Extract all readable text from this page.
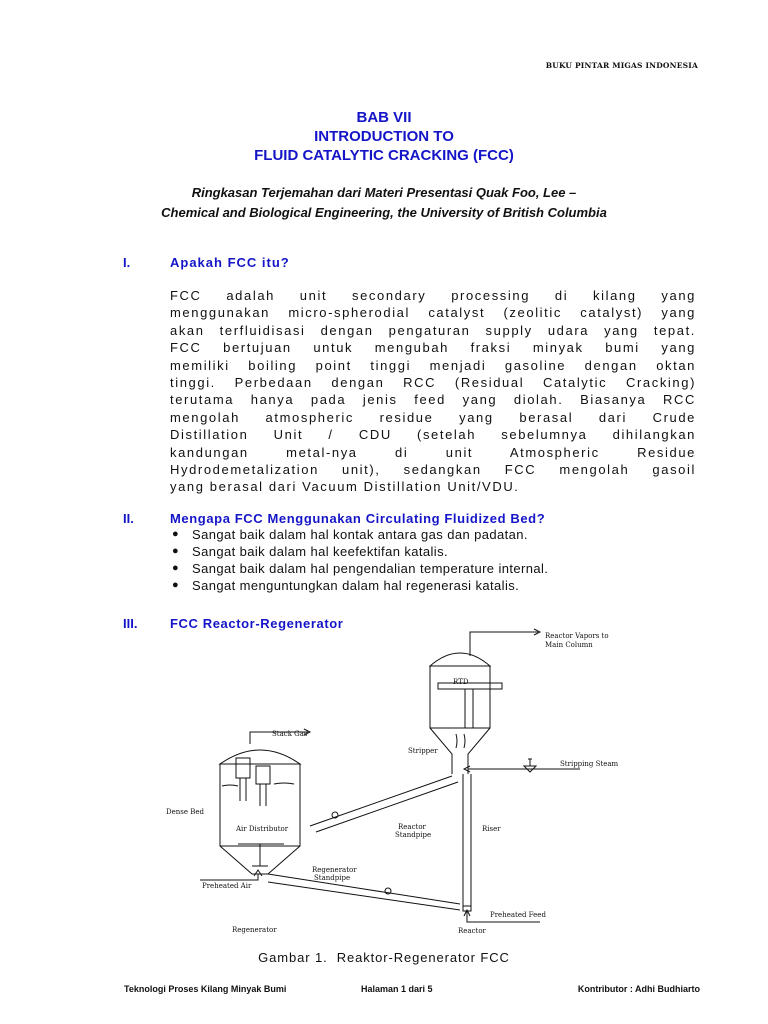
BUKU PINTAR MIGAS INDONESIA
BAB VII
INTRODUCTION TO
FLUID CATALYTIC CRACKING (FCC)
Ringkasan Terjemahan dari Materi Presentasi Quak Foo, Lee –
Chemical and Biological Engineering, the University of British Columbia
I.	Apakah FCC itu?

FCC adalah unit secondary processing di kilang yang

menggunakan micro-spherodial catalyst (zeolitic catalyst) yang

akan terfluidisasi dengan pengaturan supply udara yang tepat.

FCC bertujuan untuk mengubah fraksi minyak bumi yang

memiliki boiling point tinggi menjadi gasoline dengan oktan

tinggi. Perbedaan dengan RCC (Residual Catalytic Cracking)

terutama hanya pada jenis feed yang diolah. Biasanya RCC

mengolah atmospheric residue yang berasal dari Crude

Distillation Unit / CDU (setelah sebelumnya dihilangkan

kandungan metal-nya di unit Atmospheric Residue

Hydrodemetalization unit), sedangkan FCC mengolah gasoil

yang berasal dari Vacuum Distillation Unit/VDU.

II.	Mengapa FCC Menggunakan Circulating Fluidized Bed?
● Sangat baik dalam hal kontak antara gas dan padatan.
● Sangat baik dalam hal keefektifan katalis.
● Sangat baik dalam hal pengendalian temperature internal.
● Sangat menguntungkan dalam hal regenerasi katalis.
III.	FCC Reactor-Regenerator
Reactor Vapors to
Main Column
RTD
Stack Gas
Stripper
Stripping Steam
Dense Bed
Air Distributor	Reactor
Standpipe
Riser
Preheated Air
Regenerator
Standpipe
Preheated Feed
Reactor
Regenerator
Gambar 1.  Reaktor-Regenerator FCC
Teknologi Proses Kilang Minyak Bumi	Halaman 1 dari 5	Kontributor : Adhi Budhiarto
